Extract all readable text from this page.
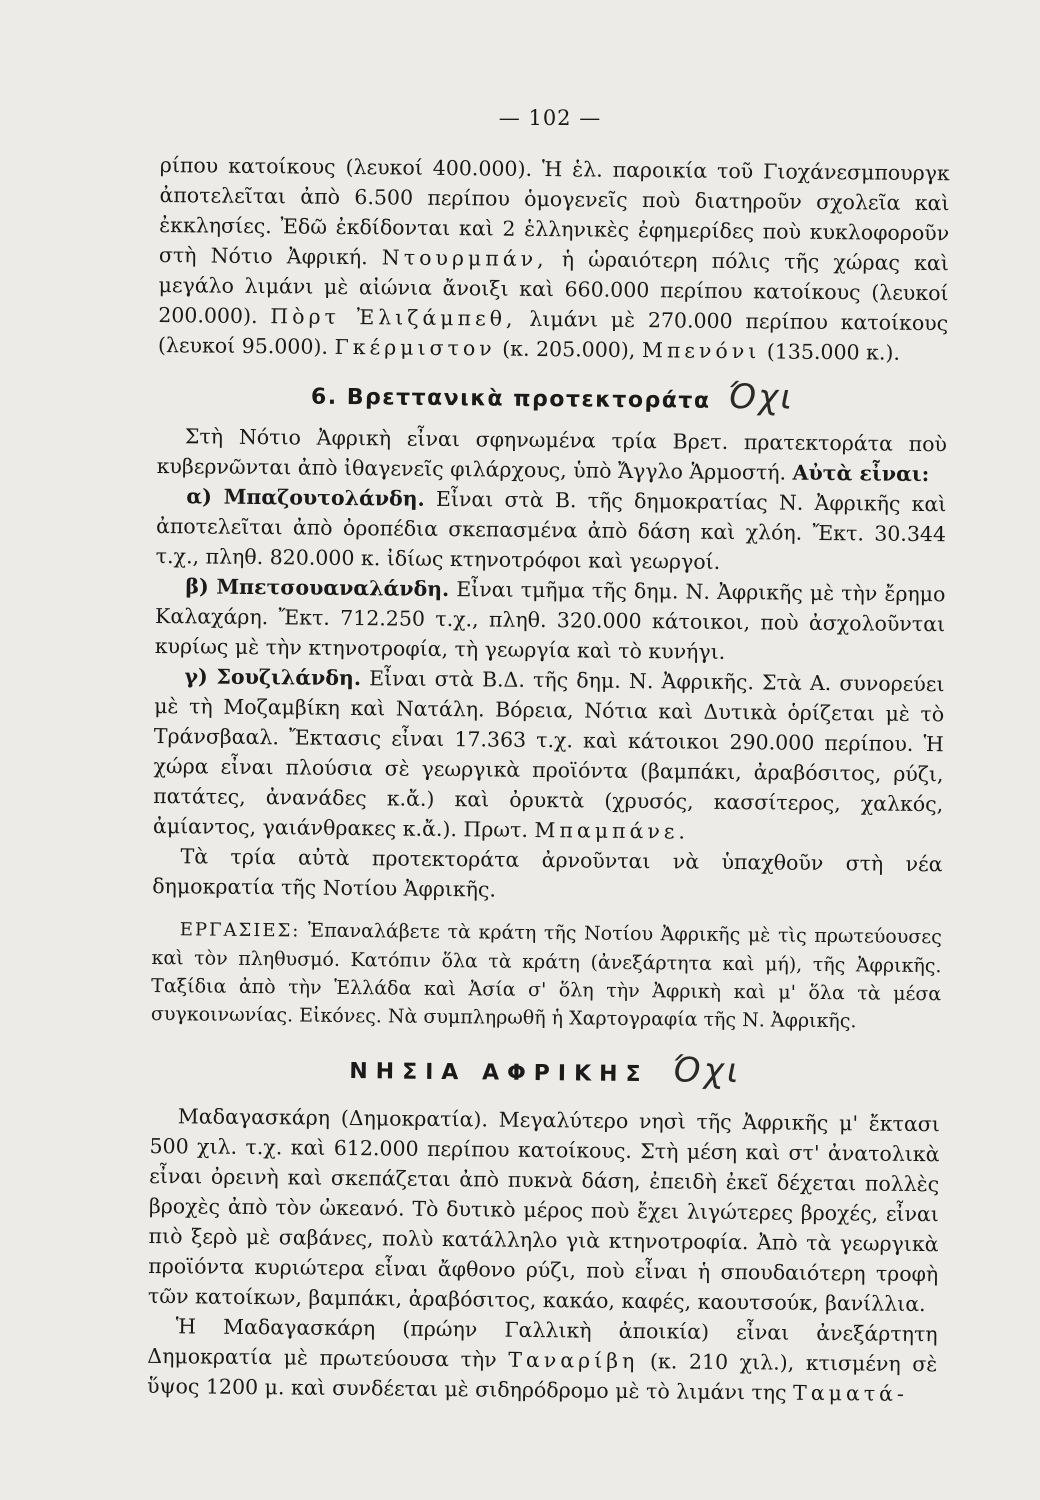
— 102 —

ρίπου κατοίκους (λευκοί 400.000). Ἡ ἑλ. παροικία τοῦ Γιοχάνεσμπουργκ ἀποτελεῖται ἀπὸ 6.500 περίπου ὁμογενεῖς ποὺ διατηροῦν σχολεῖα καὶ ἐκκλησίες. Ἐδῶ ἐκδίδονται καὶ 2 ἑλληνικὲς ἐφημερίδες ποὺ κυκλοφοροῦν στὴ Νότιο Ἀφρική. Ντουρμπάν, ἡ ὡραιότερη πόλις τῆς χώρας καὶ μεγάλο λιμάνι μὲ αἰώνια ἄνοιξι καὶ 660.000 περίπου κατοίκους (λευκοί 200.000). Πὸρτ Ἐλιζάμπεθ, λιμάνι μὲ 270.000 περίπου κατοίκους (λευκοί 95.000). Γκέρμιστον (κ. 205.000), Μπενόνι (135.000 κ.).

6. Βρεττανικὰ προτεκτοράτα Όχι

Στὴ Νότιο Ἀφρικὴ εἶναι σφηνωμένα τρία Βρετ. πρατεκτοράτα ποὺ κυβερνῶνται ἀπὸ ἰθαγενεῖς φιλάρχους, ὑπὸ Ἄγγλο Ἁρμοστή. Αὐτὰ εἶναι:

α) Μπαζουτολάνδη. Εἶναι στὰ Β. τῆς δημοκρατίας Ν. Ἀφρικῆς καὶ ἀποτελεῖται ἀπὸ ὀροπέδια σκεπασμένα ἀπὸ δάση καὶ χλόη. Ἔκτ. 30.344 τ.χ., πληθ. 820.000 κ. ἰδίως κτηνοτρόφοι καὶ γεωργοί.

β) Μπετσουαναλάνδη. Εἶναι τμῆμα τῆς δημ. Ν. Ἀφρικῆς μὲ τὴν ἔρημο Καλαχάρη. Ἔκτ. 712.250 τ.χ., πληθ. 320.000 κάτοικοι, ποὺ ἀσχολοῦνται κυρίως μὲ τὴν κτηνοτροφία, τὴ γεωργία καὶ τὸ κυνήγι.

γ) Σουζιλάνδη. Εἶναι στὰ Β.Δ. τῆς δημ. Ν. Ἀφρικῆς. Στὰ Α. συνορεύει μὲ τὴ Μοζαμβίκη καὶ Νατάλη. Βόρεια, Νότια καὶ Δυτικὰ ὁρίζεται μὲ τὸ Τράνσβααλ. Ἔκτασις εἶναι 17.363 τ.χ. καὶ κάτοικοι 290.000 περίπου. Ἡ χώρα εἶναι πλούσια σὲ γεωργικὰ προϊόντα (βαμπάκι, ἀραβόσιτος, ρύζι, πατάτες, ἀνανάδες κ.ἄ.) καὶ ὀρυκτὰ (χρυσός, κασσίτερος, χαλκός, ἀμίαντος, γαιάνθρακες κ.ἄ.). Πρωτ. Μπαμπάνε.

Τὰ τρία αὐτὰ προτεκτοράτα ἀρνοῦνται νὰ ὑπαχθοῦν στὴ νέα δημοκρατία τῆς Νοτίου Ἀφρικῆς.

ΕΡΓΑΣΙΕΣ: Ἐπαναλάβετε τὰ κράτη τῆς Νοτίου Ἀφρικῆς μὲ τὶς πρωτεύουσες καὶ τὸν πληθυσμό. Κατόπιν ὅλα τὰ κράτη (ἀνεξάρτητα καὶ μή), τῆς Ἀφρικῆς. Ταξίδια ἀπὸ τὴν Ἑλλάδα καὶ Ἀσία σ' ὅλη τὴν Ἀφρικὴ καὶ μ' ὅλα τὰ μέσα συγκοινωνίας. Εἰκόνες. Νὰ συμπληρωθῆ ἡ Χαρτογραφία τῆς Ν. Ἀφρικῆς.

ΝΗΣΙΑ ΑΦΡΙΚΗΣ Όχι

Μαδαγασκάρη (Δημοκρατία). Μεγαλύτερο νησὶ τῆς Ἀφρικῆς μ' ἔκτασι 500 χιλ. τ.χ. καὶ 612.000 περίπου κατοίκους. Στὴ μέση καὶ στ' ἀνατολικὰ εἶναι ὀρεινὴ καὶ σκεπάζεται ἀπὸ πυκνὰ δάση, ἐπειδὴ ἐκεῖ δέχεται πολλὲς βροχὲς ἀπὸ τὸν ὠκεανό. Τὸ δυτικὸ μέρος ποὺ ἔχει λιγώτερες βροχές, εἶναι πιὸ ξερὸ μὲ σαβάνες, πολὺ κατάλληλο γιὰ κτηνοτροφία. Ἀπὸ τὰ γεωργικὰ προϊόντα κυριώτερα εἶναι ἄφθονο ρύζι, ποὺ εἶναι ἡ σπουδαιότερη τροφὴ τῶν κατοίκων, βαμπάκι, ἀραβόσιτος, κακάο, καφές, καουτσούκ, βανίλλια.

Ἡ Μαδαγασκάρη (πρώην Γαλλικὴ ἀποικία) εἶναι ἀνεξάρτητη Δημοκρατία μὲ πρωτεύουσα τὴν Ταναρίβη (κ. 210 χιλ.), κτισμένη σὲ ὕψος 1200 μ. καὶ συνδέεται μὲ σιδηρόδρομο μὲ τὸ λιμάνι της Ταματά-
